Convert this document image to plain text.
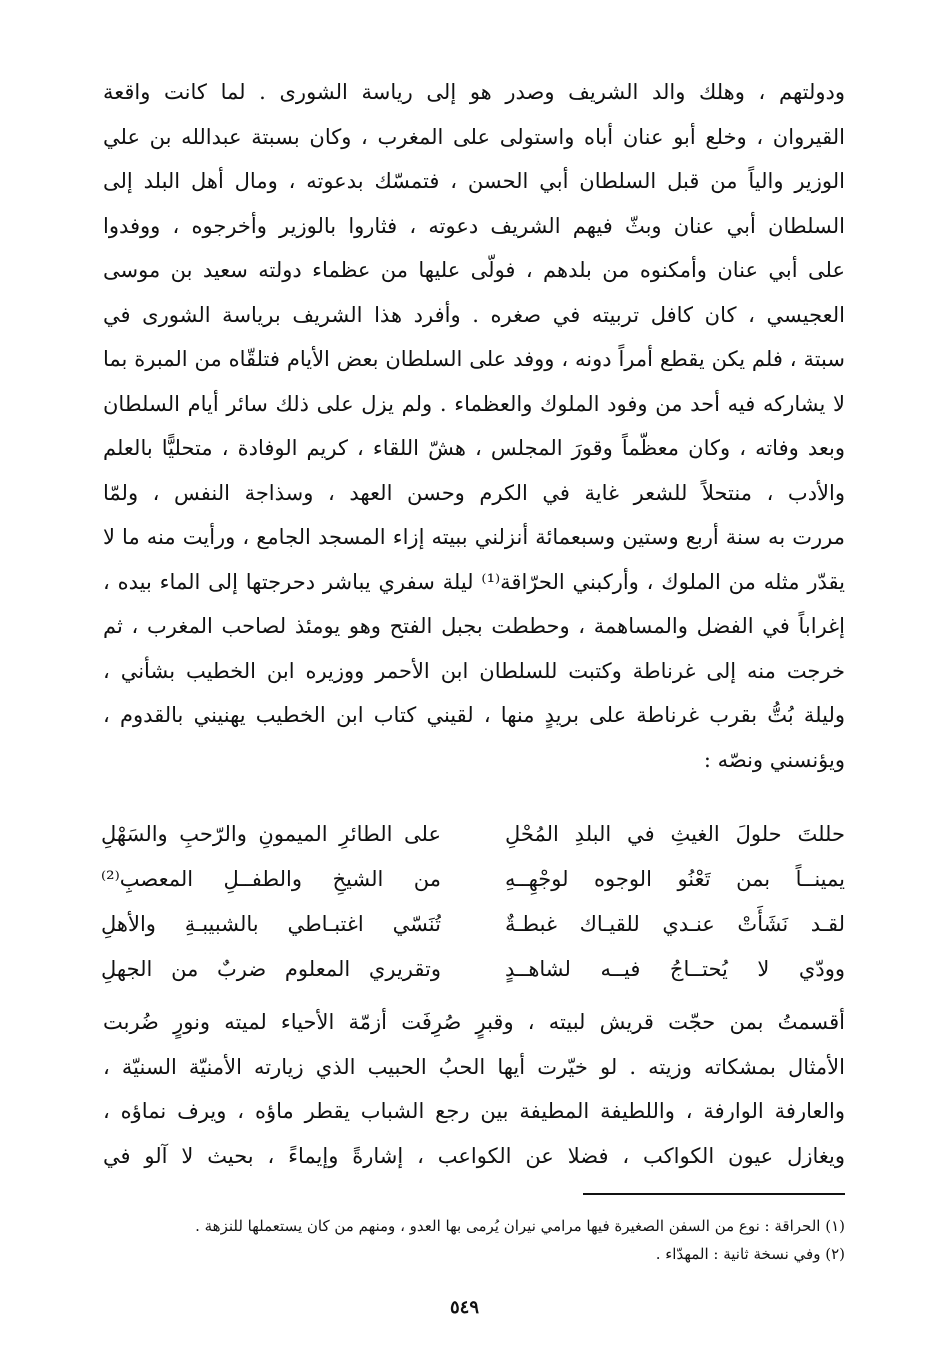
ودولتهم ، وهلك والد الشريف وصدر هو إلى رياسة الشورى . لما كانت واقعة
القيروان ، وخلع أبو عنان أباه واستولى على المغرب ، وكان بسبتة عبدالله بن علي
الوزير والياً من قبل السلطان أبي الحسن ، فتمسّك بدعوته ، ومال أهل البلد إلى
السلطان أبي عنان وبثّ فيهم الشريف دعوته ، فثاروا بالوزير وأخرجوه ، ووفدوا
على أبي عنان وأمكنوه من بلدهم ، فولّى عليها من عظماء دولته سعيد بن موسى
العجيسي ، كان كافل تربيته في صغره . وأفرد هذا الشريف برياسة الشورى في
سبتة ، فلم يكن يقطع أمراً دونه ، ووفد على السلطان بعض الأيام فتلقّاه من المبرة بما
لا يشاركه فيه أحد من وفود الملوك والعظماء . ولم يزل على ذلك سائر أيام السلطان
وبعد وفاته ، وكان معظّماً وقورَ المجلس ، هشّ اللقاء ، كريم الوفادة ، متحليًّا بالعلم
والأدب ، منتحلاً للشعر غاية في الكرم وحسن العهد ، وسذاجة النفس ، ولمّا
مررت به سنة أربع وستين وسبعمائة أنزلني ببيته إزاء المسجد الجامع ، ورأيت منه ما لا
يقدّر مثله من الملوك ، وأركبني الحرّاقة⁽¹⁾ ليلة سفري يباشر دحرجتها إلى الماء بيده ،
إغراباً في الفضل والمساهمة ، وحططت بجبل الفتح وهو يومئذ لصاحب المغرب ، ثم
خرجت منه إلى غرناطة وكتبت للسلطان ابن الأحمر ووزيره ابن الخطيب بشأني ،
وليلة بُتُّ بقرب غرناطة على بريدٍ منها ، لقيني كتاب ابن الخطيب يهنيني بالقدوم ،
ويؤنسني ونصّه :
حللتَ حلولَ الغيثِ في البلدِ المُحْلِ
على الطائرِ الميمونِ والرّحبِ والسَهْلِ
يمينــاً بمن تَعْنُو الوجوه لوجْهِــهِ
من الشيخِ والطفــلِ المعصبِ⁽²⁾
لقـد نَشَأَتْ عنـدي للقيـاك غبطـةٌ
تُنَسّي اغتبـاطي بالشبيبـةِ والأهلِ
وودّي لا يُحتــاجُ فيــه لشاهــدٍ
وتقريري المعلوم ضربٌ من الجهلِ
أقسمتُ بمن حجّت قريش لبيته ، وقبرٍ صُرِفَت أزمّة الأحياء لميته ونورٍ ضُربت
الأمثال بمشكاته وزيته . لو خيّرت أيها الحبُ الحبيب الذي زيارته الأمنيّة السنيّة ،
والعارفة الوارفة ، واللطيفة المطيفة بين رجع الشباب يقطر ماؤه ، ويرف نماؤه ،
ويغازل عيون الكواكب ، فضلا عن الكواعب ، إشارةً وإيماءً ، بحيث لا آلو في
(١) الحراقة : نوع من السفن الصغيرة فيها مرامي نيران يُرمى بها العدو ، ومنهم من كان يستعملها للنزهة .
(٢) وفي نسخة ثانية : المهدّاء .
٥٤٩
